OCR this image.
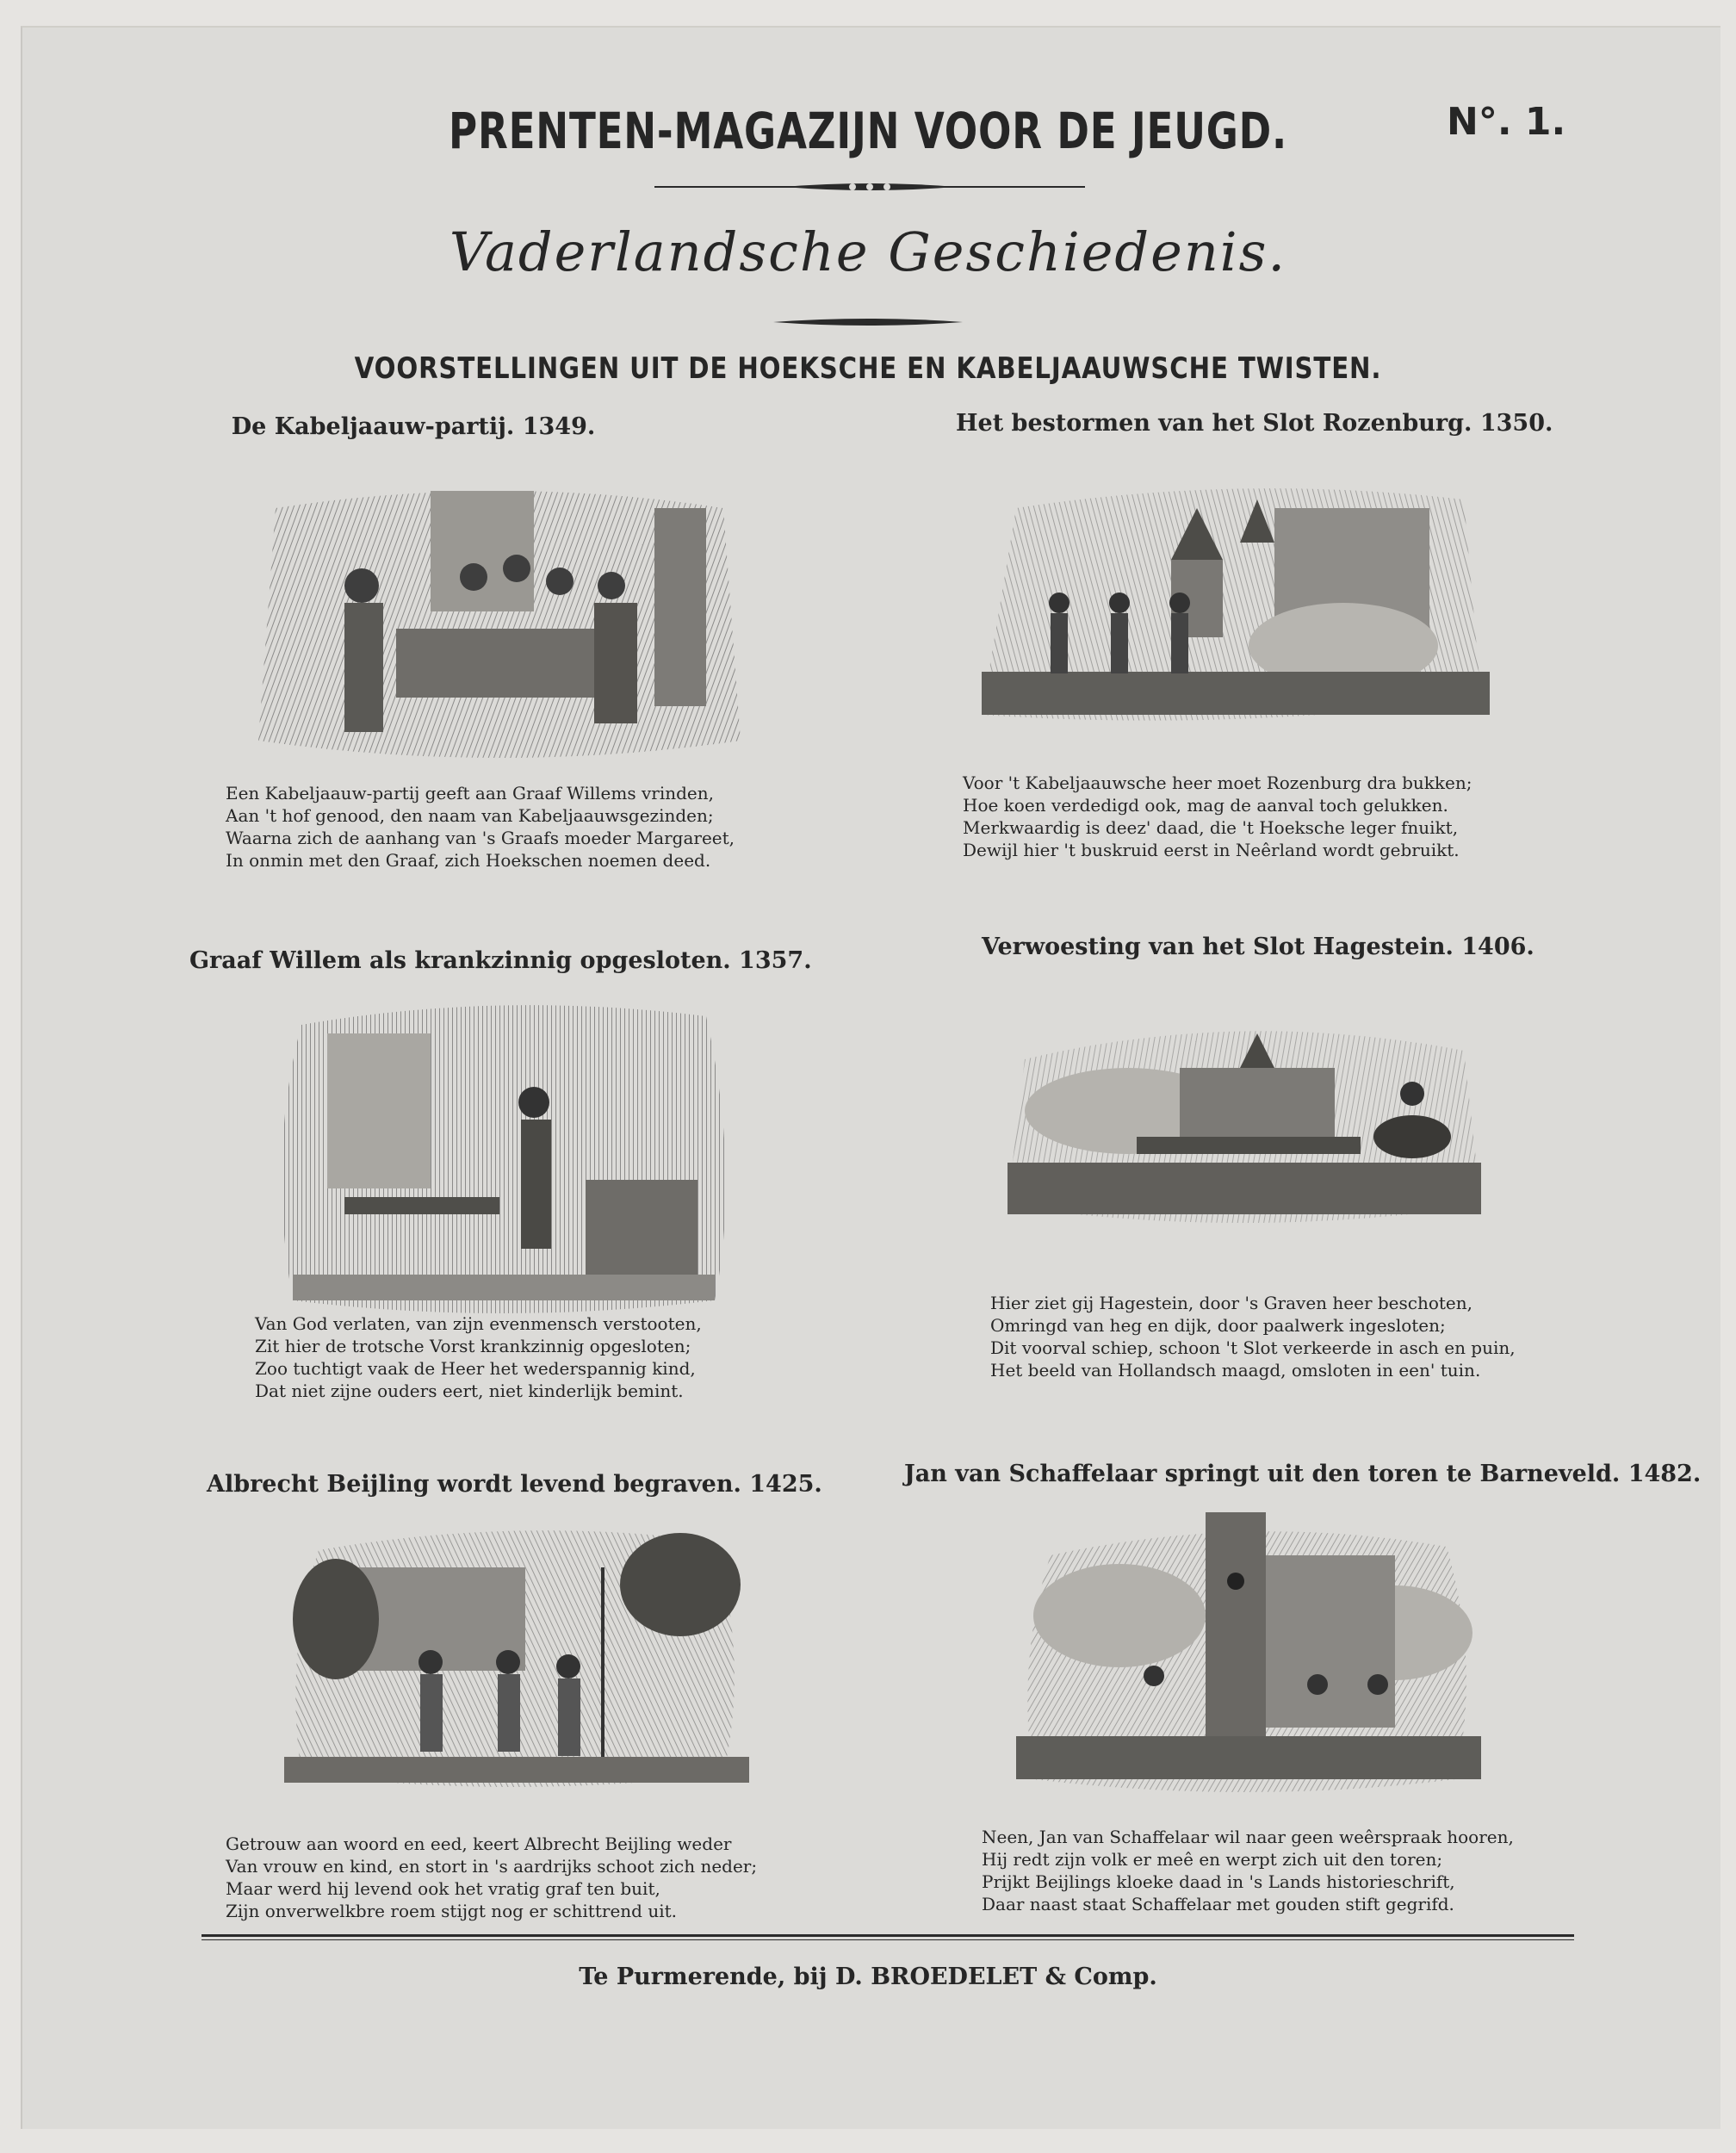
PRENTEN-MAGAZIJN VOOR DE JEUGD.	N°. 1.
Vaderlandsche Geschiedenis.
VOORSTELLINGEN UIT DE HOEKSCHE EN KABELJAAUWSCHE TWISTEN.
De Kabeljaauw-partij. 1349.
Een Kabeljaauw-partij geeft aan Graaf Willems vrinden,
Aan 't hof genood, den naam van Kabeljaauwsgezinden;
Waarna zich de aanhang van 's Graafs moeder Margareet,
In onmin met den Graaf, zich Hoekschen noemen deed.
Het bestormen van het Slot Rozenburg. 1350.
Voor 't Kabeljaauwsche heer moet Rozenburg dra bukken;
Hoe koen verdedigd ook, mag de aanval toch gelukken.
Merkwaardig is deez' daad, die 't Hoeksche leger fnuikt,
Dewijl hier 't buskruid eerst in Neêrland wordt gebruikt.
Graaf Willem als krankzinnig opgesloten. 1357.
Van God verlaten, van zijn evenmensch verstooten,
Zit hier de trotsche Vorst krankzinnig opgesloten;
Zoo tuchtigt vaak de Heer het wederspannig kind,
Dat niet zijne ouders eert, niet kinderlijk bemint.
Verwoesting van het Slot Hagestein. 1406.
Hier ziet gij Hagestein, door 's Graven heer beschoten,
Omringd van heg en dijk, door paalwerk ingesloten;
Dit voorval schiep, schoon 't Slot verkeerde in asch en puin,
Het beeld van Hollandsch maagd, omsloten in een' tuin.
Albrecht Beijling wordt levend begraven. 1425.
Getrouw aan woord en eed, keert Albrecht Beijling weder
Van vrouw en kind, en stort in 's aardrijks schoot zich neder;
Maar werd hij levend ook het vratig graf ten buit,
Zijn onverwelkbre roem stijgt nog er schittrend uit.
Jan van Schaffelaar springt uit den toren te Barneveld. 1482.
Neen, Jan van Schaffelaar wil naar geen weêrspraak hooren,
Hij redt zijn volk er meê en werpt zich uit den toren;
Prijkt Beijlings kloeke daad in 's Lands historieschrift,
Daar naast staat Schaffelaar met gouden stift gegrifd.
Te Purmerende, bij D. BROEDELET & Comp.
